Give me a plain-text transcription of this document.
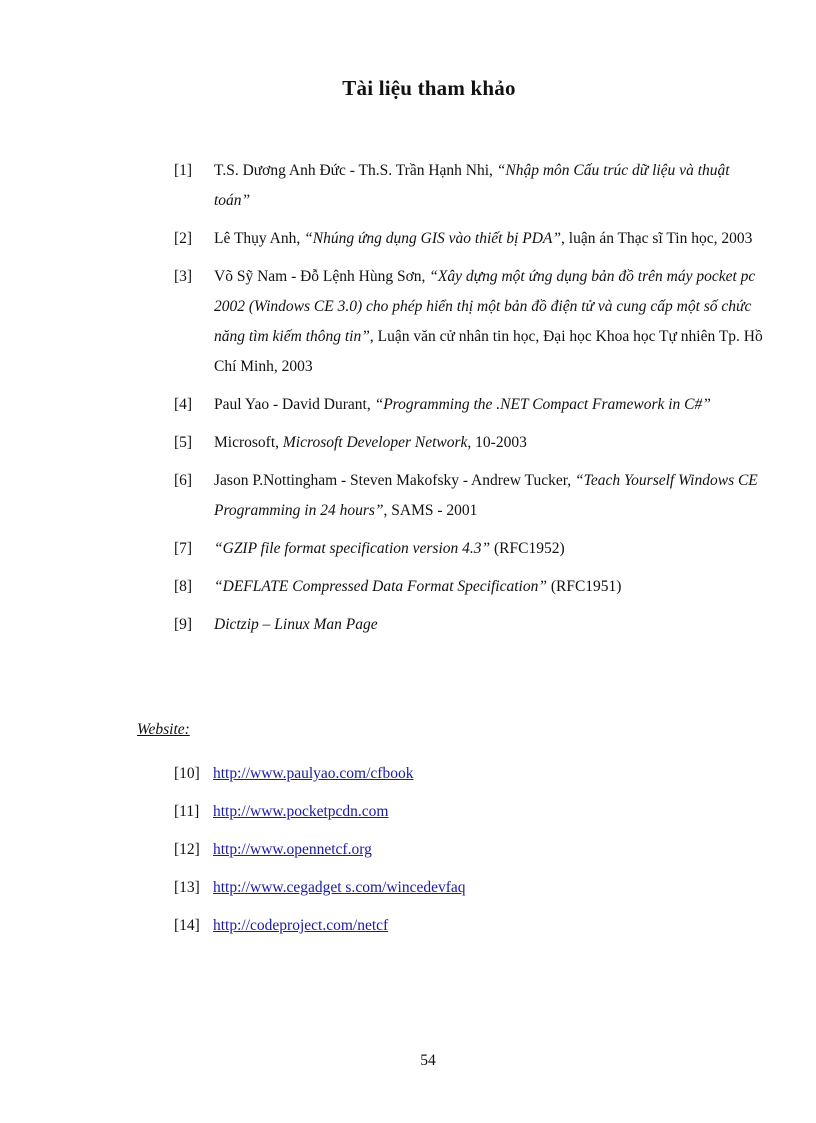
Tài liệu tham khảo
[1]	T.S. Dương Anh Đức - Th.S. Trần Hạnh Nhi, “Nhập môn Cấu trúc dữ liệu và thuật toán”
[2]	Lê Thụy Anh, “Nhúng ứng dụng GIS vào thiết bị PDA”, luận án Thạc sĩ Tin học, 2003
[3]	Võ Sỹ Nam - Đỗ Lệnh Hùng Sơn, “Xây dựng một ứng dụng bản đồ trên máy pocket pc 2002 (Windows CE 3.0) cho phép hiển thị một bản đồ điện tử và cung cấp một số chức năng tìm kiếm thông tin”, Luận văn cử nhân tin học, Đại học Khoa học Tự nhiên Tp. Hồ Chí Minh, 2003
[4]	Paul Yao - David Durant, “Programming the .NET Compact Framework in C#”
[5]	Microsoft, Microsoft Developer Network, 10-2003
[6]	Jason P.Nottingham - Steven Makofsky - Andrew Tucker, “Teach Yourself Windows CE Programming in 24 hours”, SAMS - 2001
[7]	“GZIP file format specification version 4.3” (RFC1952)
[8]	“DEFLATE Compressed Data Format Specification” (RFC1951)
[9]	Dictzip – Linux Man Page
Website:
[10] http://www.paulyao.com/cfbook
[11] http://www.pocketpcdn.com
[12] http://www.opennetcf.org
[13] http://www.cegadget s.com/wincedevfaq
[14] http://codeproject.com/netcf
54
